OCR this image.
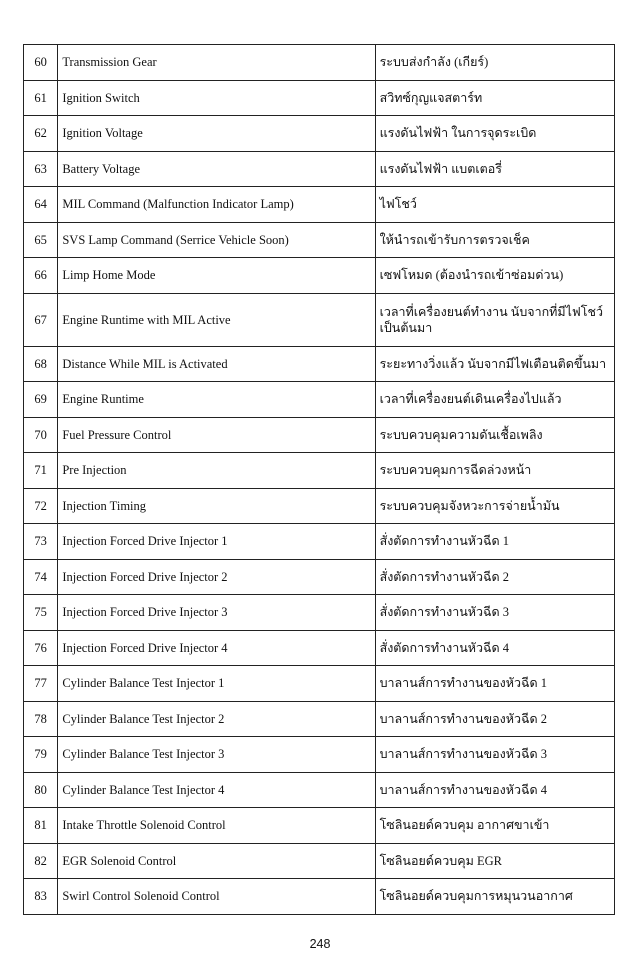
60	Transmission Gear	ระบบส่งกำลัง (เกียร์)
61	Ignition Switch	สวิทซ์กุญแจสตาร์ท
62	Ignition Voltage	แรงดันไฟฟ้า ในการจุดระเบิด
63	Battery Voltage	แรงดันไฟฟ้า แบตเตอรี่
64	MIL Command (Malfunction Indicator Lamp)	ไฟโชว์
65	SVS Lamp Command (Serrice Vehicle Soon)	ให้นำรถเข้ารับการตรวจเช็ค
66	Limp Home Mode	เซฟโหมด (ต้องนำรถเข้าซ่อมด่วน)
67	Engine Runtime with MIL Active	เวลาที่เครื่องยนต์ทำงาน นับจากที่มีไฟโชว์เป็นต้นมา
68	Distance While MIL is Activated	ระยะทางวิ่งแล้ว นับจากมีไฟเตือนติดขึ้นมา
69	Engine Runtime	เวลาที่เครื่องยนต์เดินเครื่องไปแล้ว
70	Fuel Pressure Control	ระบบควบคุมความดันเชื้อเพลิง
71	Pre Injection	ระบบควบคุมการฉีดล่วงหน้า
72	Injection Timing	ระบบควบคุมจังหวะการจ่ายน้ำมัน
73	Injection Forced Drive Injector 1	สั่งตัดการทำงานหัวฉีด 1
74	Injection Forced Drive Injector 2	สั่งตัดการทำงานหัวฉีด 2
75	Injection Forced Drive Injector 3	สั่งตัดการทำงานหัวฉีด 3
76	Injection Forced Drive Injector 4	สั่งตัดการทำงานหัวฉีด 4
77	Cylinder Balance Test Injector 1	บาลานส์การทำงานของหัวฉีด 1
78	Cylinder Balance Test Injector 2	บาลานส์การทำงานของหัวฉีด 2
79	Cylinder Balance Test Injector 3	บาลานส์การทำงานของหัวฉีด 3
80	Cylinder Balance Test Injector 4	บาลานส์การทำงานของหัวฉีด 4
81	Intake Throttle Solenoid Control	โซลินอยด์ควบคุม อากาศขาเข้า
82	EGR Solenoid Control	โซลินอยด์ควบคุม EGR
83	Swirl Control Solenoid Control	โซลินอยด์ควบคุมการหมุนวนอากาศ
248
